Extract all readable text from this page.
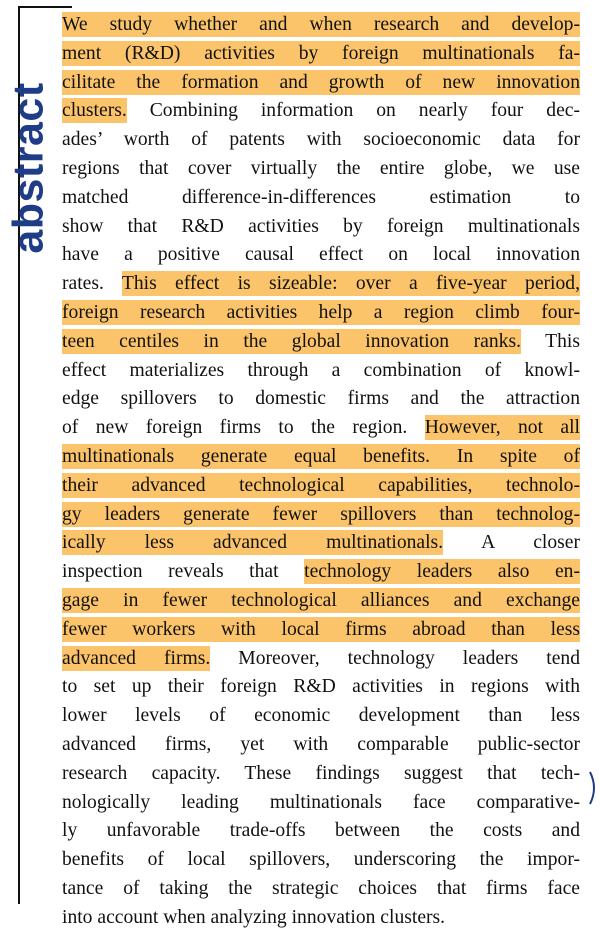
abstract
We study whether and when research and develop-
ment (R&D) activities by foreign multinationals fa-
cilitate the formation and growth of new innovation
clusters. Combining information on nearly four dec-
ades’ worth of patents with socioeconomic data for
regions that cover virtually the entire globe, we use
matched difference-in-differences estimation to
show that R&D activities by foreign multinationals
have a positive causal effect on local innovation
rates. This effect is sizeable: over a five-year period,
foreign research activities help a region climb four-
teen centiles in the global innovation ranks. This
effect materializes through a combination of knowl-
edge spillovers to domestic firms and the attraction
of new foreign firms to the region. However, not all
multinationals generate equal benefits. In spite of
their advanced technological capabilities, technolo-
gy leaders generate fewer spillovers than technolog-
ically less advanced multinationals. A closer
inspection reveals that technology leaders also en-
gage in fewer technological alliances and exchange
fewer workers with local firms abroad than less
advanced firms. Moreover, technology leaders tend
to set up their foreign R&D activities in regions with
lower levels of economic development than less
advanced firms, yet with comparable public-sector
research capacity. These findings suggest that tech-
nologically leading multinationals face comparative-
ly unfavorable trade-offs between the costs and
benefits of local spillovers, underscoring the impor-
tance of taking the strategic choices that firms face
into account when analyzing innovation clusters.
